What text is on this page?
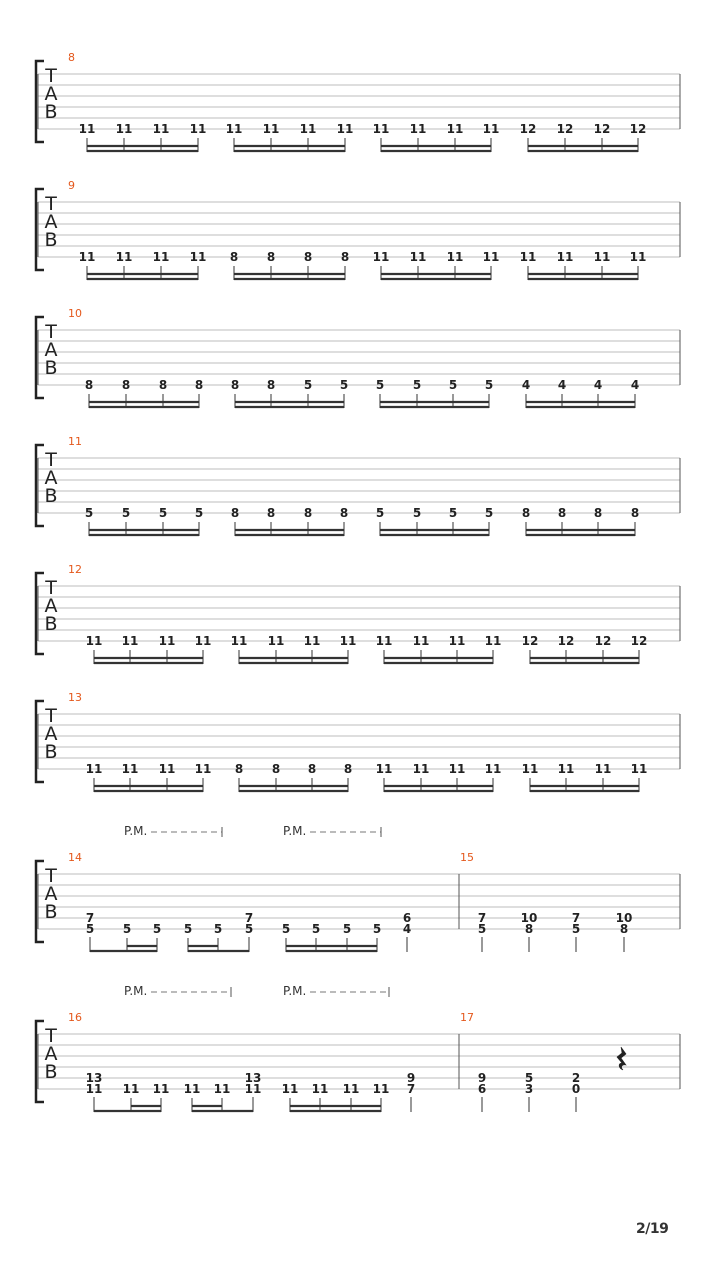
T
A
B
8
11 11 11 11 11 11 11 11 11 11 11 11 12 12 12 12
T
A
B
9
11 11 11 11 8 8 8 8 11 11 11 11 11 11 11 11
T
A
B
10
8 8 8 8 8 8 5 5 5 5 5 5 4 4 4 4
T
A
B
11
5 5 5 5 8 8 8 8 5 5 5 5 8 8 8 8
T
A
B
12
11 11 11 11 11 11 11 11 11 11 11 11 12 12 12 12
T
A
B
13
11 11 11 11 8 8 8 8 11 11 11 11 11 11 11 11
T
A
B
P.M.	P.M.
14
7
5 5 5 5 5
7
5 5 5 5 5
6
4
15
7
5
10
8
7
5
10
8
T
A
B
P.M.	P.M.
16
13
11 11 11 11 11
13
11 11 11 11 11
9
7
17
9
6
5
3
2
0
2/19
